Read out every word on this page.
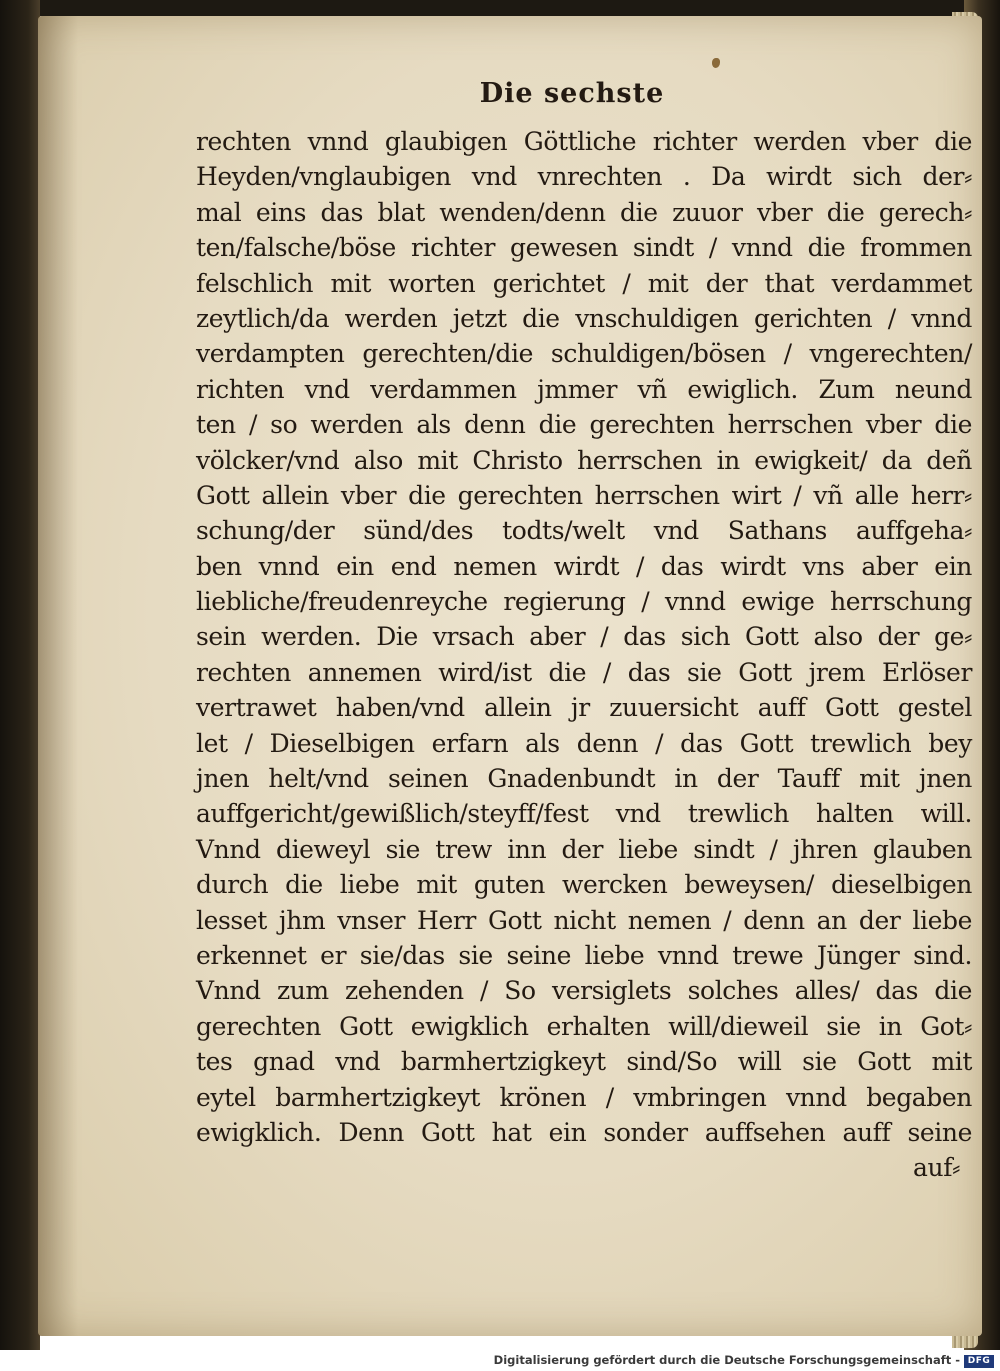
Die sechste
rechten vnnd glaubigen Göttliche richter werden vber die
Heyden/vnglaubigen vnd vnrechten . Da wirdt sich der⸗
mal eins das blat wenden/denn die zuuor vber die gerech⸗
ten/falsche/böse richter gewesen sindt / vnnd die frommen
felschlich mit worten gerichtet / mit der that verdammet
zeytlich/da werden jetzt die vnschuldigen gerichten / vnnd
verdampten gerechten/die schuldigen/bösen / vngerechten/
richten vnd verdammen jmmer vñ ewiglich. Zum neund
ten / so werden als denn die gerechten herrschen vber die
völcker/vnd also mit Christo herrschen in ewigkeit/ da deñ
Gott allein vber die gerechten herrschen wirt / vñ alle herr⸗
schung/der sünd/des todts/welt vnd Sathans auffgeha⸗
ben vnnd ein end nemen wirdt / das wirdt vns aber ein
liebliche/freudenreyche regierung / vnnd ewige herrschung
sein werden. Die vrsach aber / das sich Gott also der ge⸗
rechten annemen wird/ist die / das sie Gott jrem Erlöser
vertrawet haben/vnd allein jr zuuersicht auff Gott gestel
let / Dieselbigen erfarn als denn / das Gott trewlich bey
jnen helt/vnd seinen Gnadenbundt in der Tauff mit jnen
auffgericht/gewißlich/steyff/fest vnd trewlich halten will.
Vnnd dieweyl sie trew inn der liebe sindt / jhren glauben
durch die liebe mit guten wercken beweysen/ dieselbigen
lesset jhm vnser Herr Gott nicht nemen / denn an der liebe
erkennet er sie/das sie seine liebe vnnd trewe Jünger sind.
Vnnd zum zehenden / So versiglets solches alles/ das die
gerechten Gott ewigklich erhalten will/dieweil sie in Got⸗
tes gnad vnd barmhertzigkeyt sind/So will sie Gott mit
eytel barmhertzigkeyt krönen / vmbringen vnnd begaben
ewigklich. Denn Gott hat ein sonder auffsehen auff seine
auf⸗
Digitalisierung gefördert durch die Deutsche Forschungsgemeinschaft - DFG
